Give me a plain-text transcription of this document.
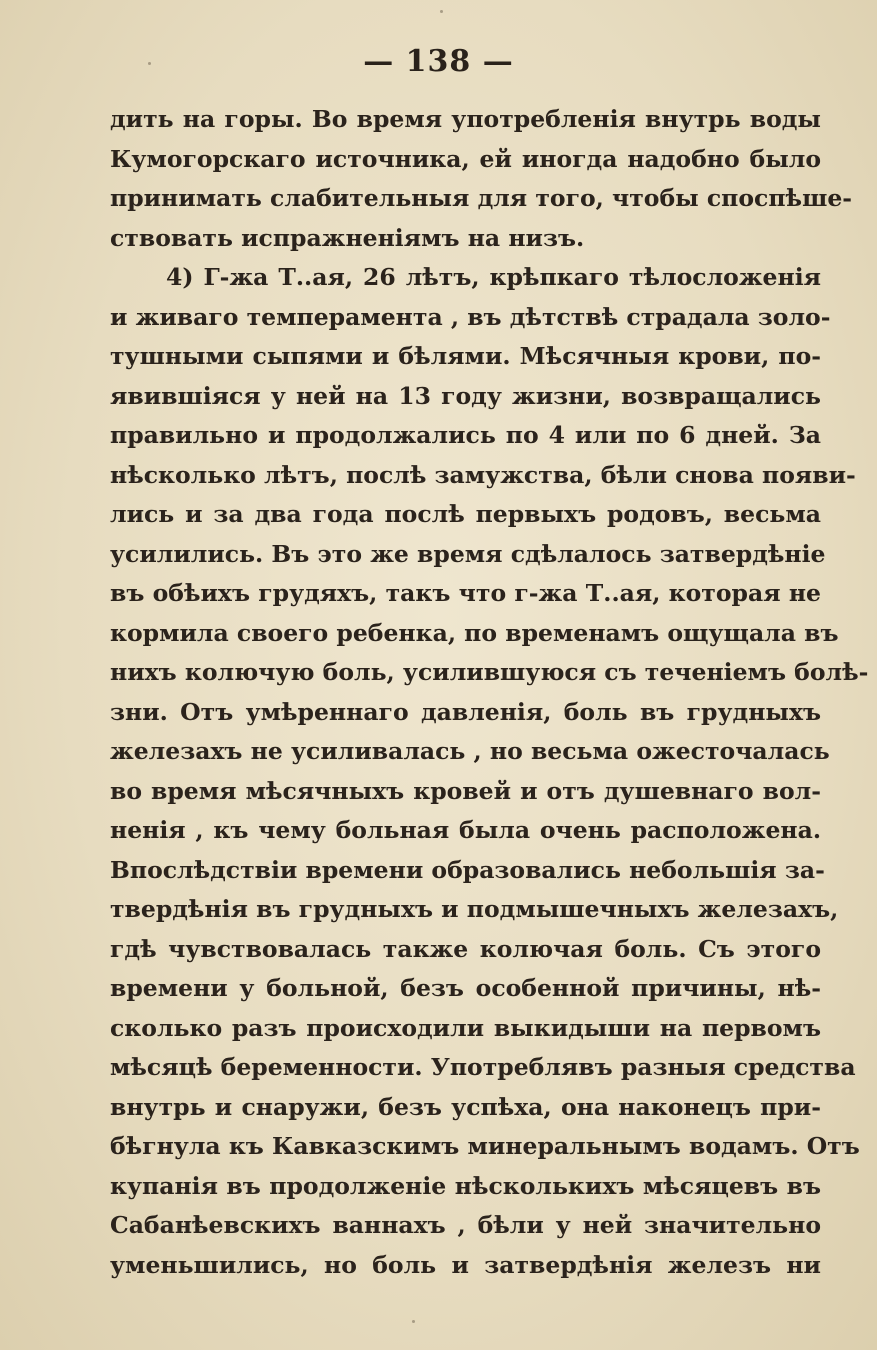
— 138 —
дить на горы. Во время употребленія внутрь воды
Кумогорскаго источника, ей иногда надобно было
принимать слабительныя для того, чтобы споспѣше-
ствовать испражненіямъ на низъ.
4) Г-жа Т..ая, 26 лѣтъ, крѣпкаго тѣлосложенія
и живаго темперамента , въ дѣтствѣ страдала золо-
тушными сыпями и бѣлями. Мѣсячныя крови, по-
явившіяся у ней на 13 году жизни, возвращались
правильно и продолжались по 4 или по 6 дней. За
нѣсколько лѣтъ, послѣ замужства, бѣли снова появи-
лись и за два года послѣ первыхъ родовъ, весьма
усилились. Въ это же время сдѣлалось затвердѣніе
въ обѣихъ грудяхъ, такъ что г-жа Т..ая, которая не
кормила своего ребенка, по временамъ ощущала въ
нихъ колючую боль, усилившуюся съ теченіемъ болѣ-
зни. Отъ умѣреннаго давленія, боль въ грудныхъ
железахъ не усиливалась , но весьма ожесточалась
во время мѣсячныхъ кровей и отъ душевнаго вол-
ненія , къ чему больная была очень расположена.
Впослѣдствіи времени образовались небольшія за-
твердѣнія въ грудныхъ и подмышечныхъ железахъ,
гдѣ чувствовалась также колючая боль. Съ этого
времени у больной, безъ особенной причины, нѣ-
сколько разъ происходили выкидыши на первомъ
мѣсяцѣ беременности. Употреблявъ разныя средства
внутрь и снаружи, безъ успѣха, она наконецъ при-
бѣгнула къ Кавказскимъ минеральнымъ водамъ. Отъ
купанія въ продолженіе нѣсколькихъ мѣсяцевъ въ
Сабанѣевскихъ ваннахъ , бѣли у ней значительно
уменьшились, но боль и затвердѣнія железъ ни
